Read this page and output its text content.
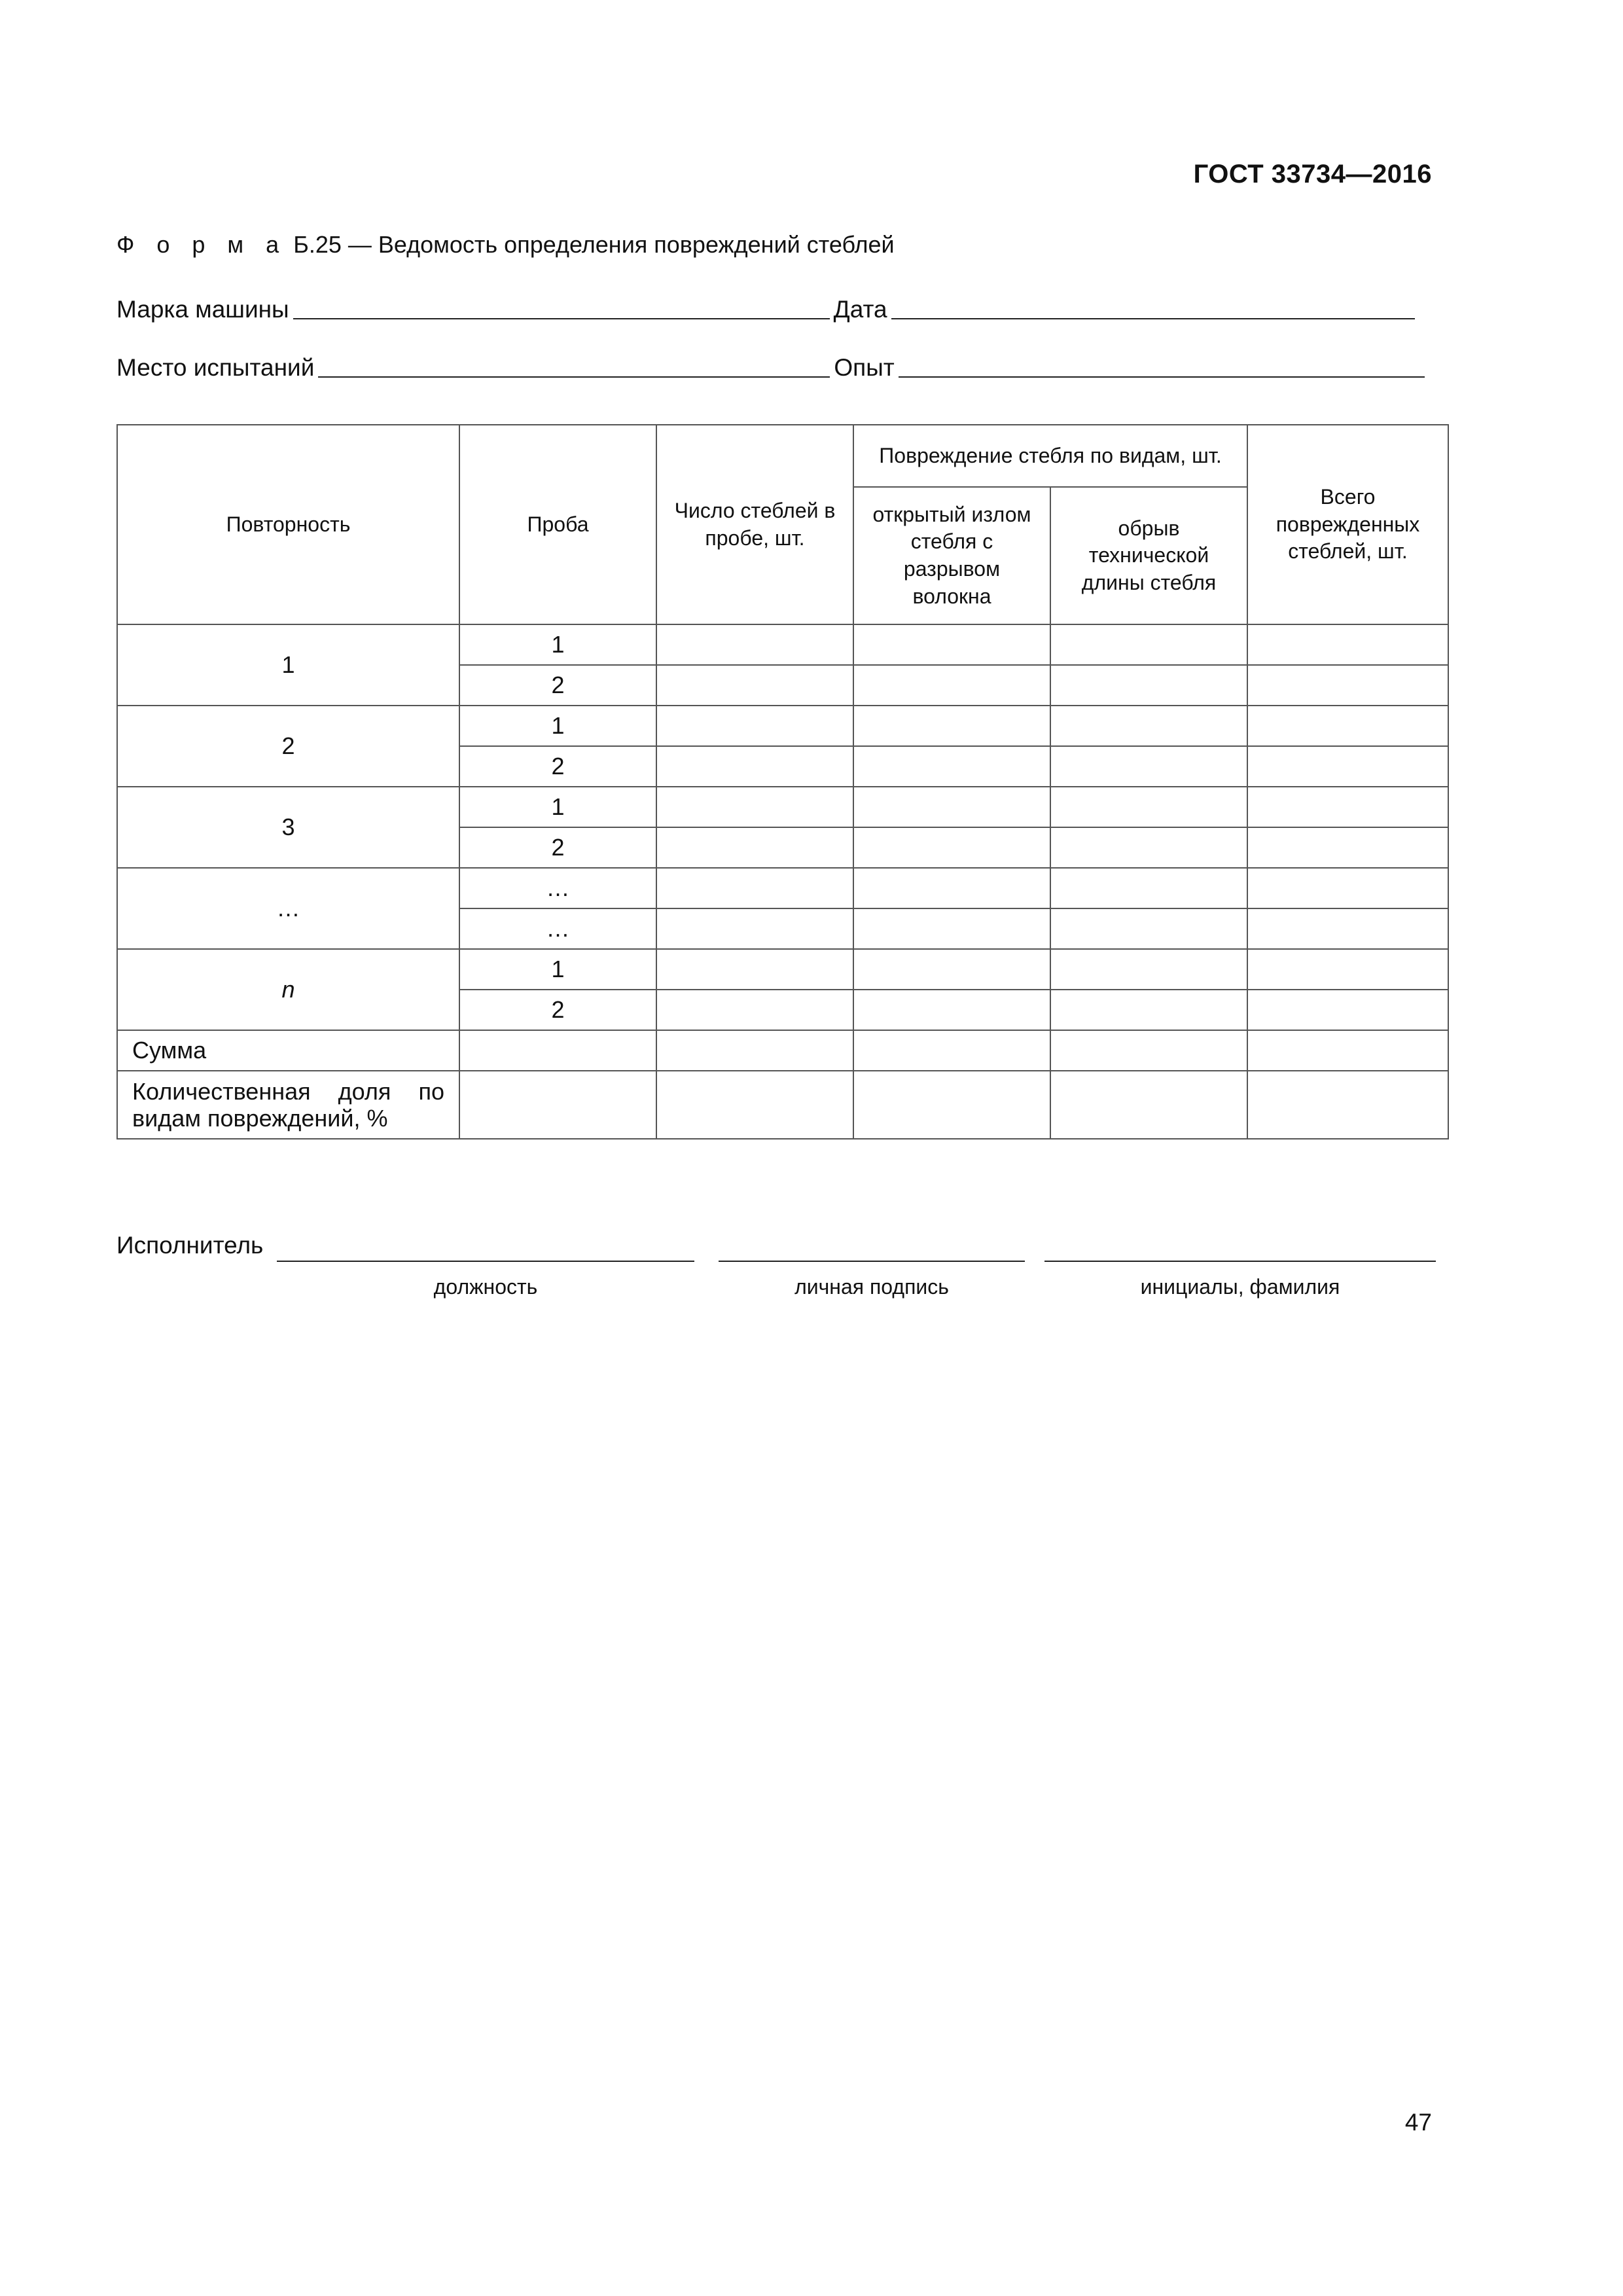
ГОСТ 33734—2016
Ф о р м а Б.25 — Ведомость определения повреждений стеблей
Марка машины	Дата
Место испытаний	Опыт
Повторность	Проба	Число стеблей в пробе, шт.	Повреждение стебля по видам, шт.		Всего поврежденных стеблей, шт.
			открытый излом стебля с разрывом волокна	обрыв технической длины стебля	
1	1				
	2				
2	1				
	2				
3	1				
	2				
…	…				
	…				
n	1				
	2				
Сумма					
Количественная доля по видам повреждений, %					
Исполнитель
должность	личная подпись	инициалы, фамилия
47
